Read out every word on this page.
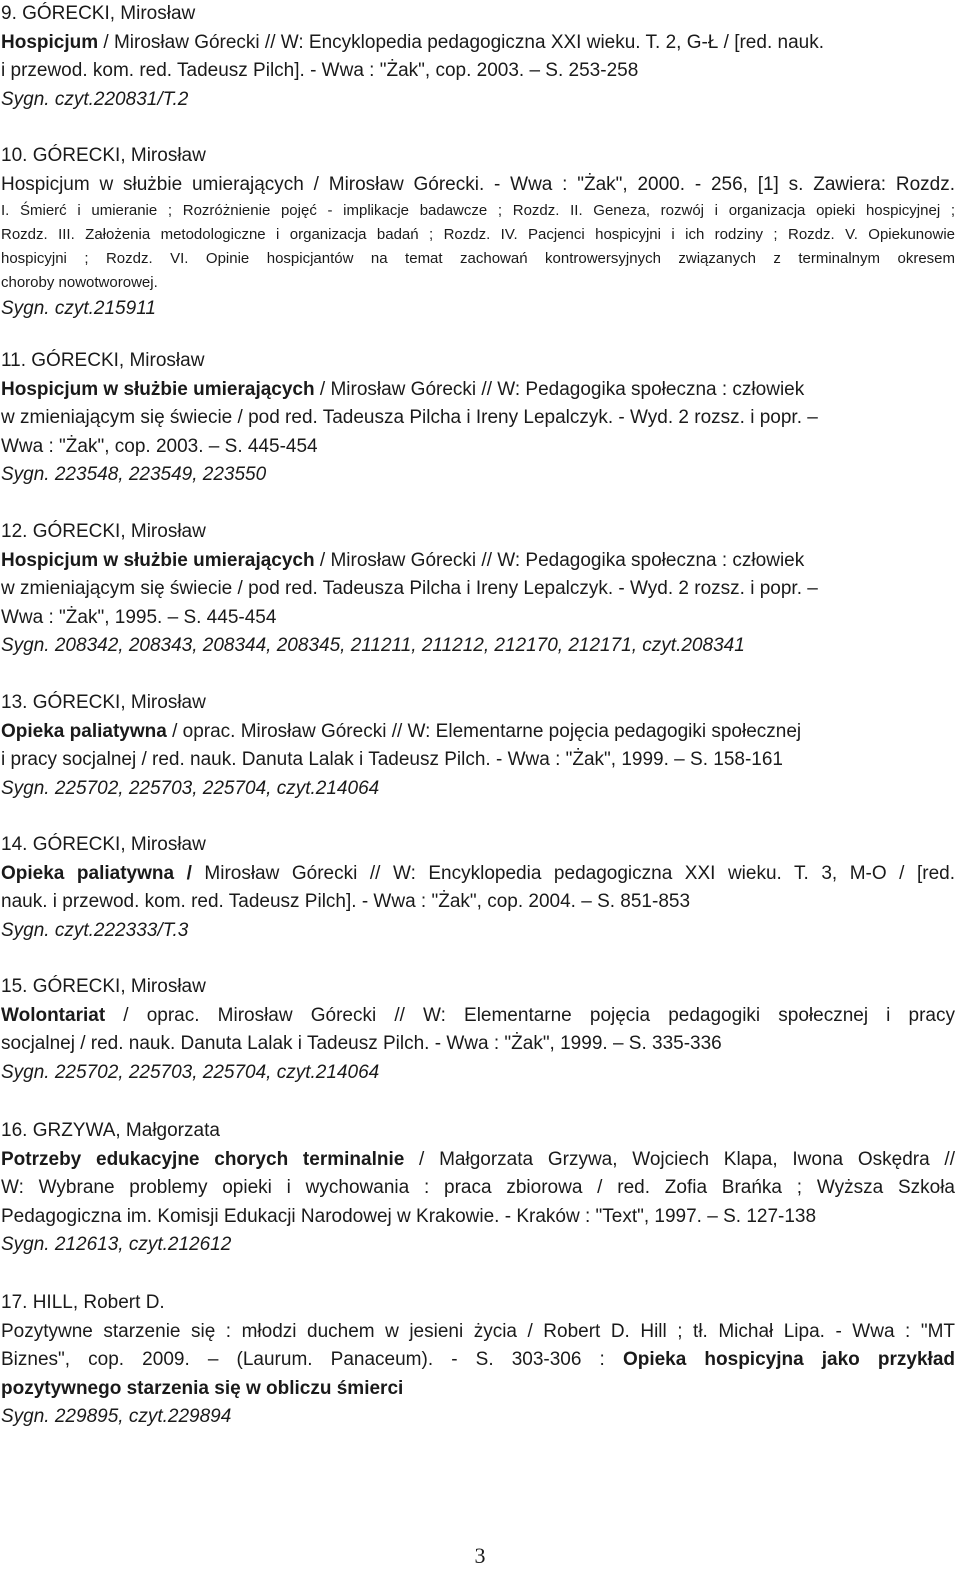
9. GÓRECKI, Mirosław
Hospicjum / Mirosław Górecki // W: Encyklopedia pedagogiczna XXI wieku. T. 2, G-Ł / [red. nauk.
i przewod. kom. red. Tadeusz Pilch]. - Wwa : "Żak", cop. 2003. – S. 253-258
Sygn. czyt.220831/T.2
10. GÓRECKI, Mirosław
Hospicjum w służbie umierających / Mirosław Górecki. - Wwa : "Żak", 2000. - 256, [1] s. Zawiera: Rozdz.
I. Śmierć i umieranie ; Rozróżnienie pojęć - implikacje badawcze ; Rozdz. II. Geneza, rozwój i organizacja opieki hospicyjnej ;
Rozdz. III. Założenia metodologiczne i organizacja badań ; Rozdz. IV. Pacjenci hospicyjni i ich rodziny ; Rozdz. V. Opiekunowie
hospicyjni ; Rozdz. VI. Opinie hospicjantów na temat zachowań kontrowersyjnych związanych z terminalnym okresem
choroby nowotworowej.
Sygn. czyt.215911
11. GÓRECKI, Mirosław
Hospicjum w służbie umierających / Mirosław Górecki // W: Pedagogika społeczna : człowiek
w zmieniającym się świecie / pod red. Tadeusza Pilcha i Ireny Lepalczyk. - Wyd. 2 rozsz. i popr. –
Wwa : "Żak", cop. 2003. – S. 445-454
Sygn. 223548, 223549, 223550
12. GÓRECKI, Mirosław
Hospicjum w służbie umierających / Mirosław Górecki // W: Pedagogika społeczna : człowiek
w zmieniającym się świecie / pod red. Tadeusza Pilcha i Ireny Lepalczyk. - Wyd. 2 rozsz. i popr. –
Wwa : "Żak", 1995. – S. 445-454
Sygn. 208342, 208343, 208344, 208345, 211211, 211212, 212170, 212171, czyt.208341
13. GÓRECKI, Mirosław
Opieka paliatywna / oprac. Mirosław Górecki // W: Elementarne pojęcia pedagogiki społecznej
i pracy socjalnej / red. nauk. Danuta Lalak i Tadeusz Pilch. - Wwa : "Żak", 1999. – S. 158-161
Sygn. 225702, 225703, 225704, czyt.214064
14. GÓRECKI, Mirosław
Opieka paliatywna / Mirosław Górecki // W: Encyklopedia pedagogiczna XXI wieku. T. 3, M-O / [red.
nauk. i przewod. kom. red. Tadeusz Pilch]. - Wwa : "Żak", cop. 2004. – S. 851-853
Sygn. czyt.222333/T.3
15. GÓRECKI, Mirosław
Wolontariat / oprac. Mirosław Górecki // W: Elementarne pojęcia pedagogiki społecznej i pracy
socjalnej / red. nauk. Danuta Lalak i Tadeusz Pilch. - Wwa : "Żak", 1999. – S. 335-336
Sygn. 225702, 225703, 225704, czyt.214064
16. GRZYWA, Małgorzata
Potrzeby edukacyjne chorych terminalnie / Małgorzata Grzywa, Wojciech Klapa, Iwona Oskędra //
W: Wybrane problemy opieki i wychowania : praca zbiorowa / red. Zofia Brańka ; Wyższa Szkoła
Pedagogiczna im. Komisji Edukacji Narodowej w Krakowie. - Kraków : "Text", 1997. – S. 127-138
Sygn. 212613, czyt.212612
17. HILL, Robert D.
Pozytywne starzenie się : młodzi duchem w jesieni życia / Robert D. Hill ; tł. Michał Lipa. - Wwa : "MT
Biznes", cop. 2009. – (Laurum. Panaceum). - S. 303-306 : Opieka hospicyjna jako przykład
pozytywnego starzenia się w obliczu śmierci
Sygn. 229895, czyt.229894
3
